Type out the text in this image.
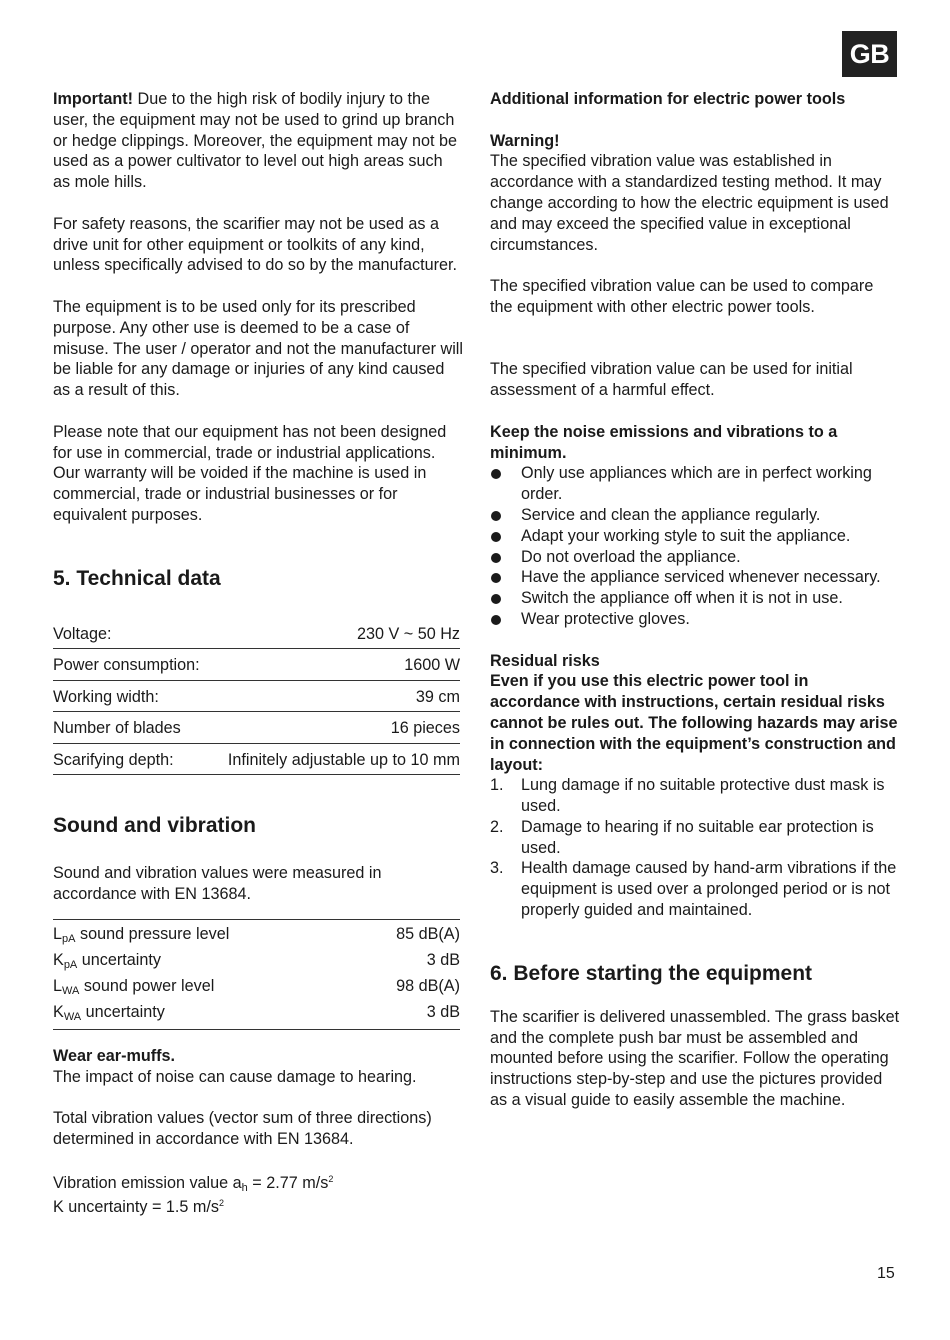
GB

Important! Due to the high risk of bodily injury to the user, the equipment may not be used to grind up branch or hedge clippings. Moreover, the equipment may not be used as a power cultivator to level out high areas such as mole hills.

For safety reasons, the scarifier may not be used as a drive unit for other equipment or toolkits of any kind, unless specifically advised to do so by the manufacturer.

The equipment is to be used only for its prescribed purpose. Any other use is deemed to be a case of misuse. The user / operator and not the manufacturer will be liable for any damage or injuries of any kind caused as a result of this.

Please note that our equipment has not been designed for use in commercial, trade or industrial applications. Our warranty will be voided if the machine is used in commercial, trade or industrial businesses or for equivalent purposes.

5. Technical data
Voltage:	230 V ~ 50 Hz
Power consumption:	1600 W
Working width:	39 cm
Number of blades	16 pieces
Scarifying depth:	Infinitely adjustable up to 10 mm
Sound and vibration

Sound and vibration values were measured in accordance with EN 13684.

$L_{pA}$ sound pressure level	85 dB(A)
$K_{pA}$ uncertainty	3 dB
$L_{WA}$ sound power level	98 dB(A)
$K_{WA}$ uncertainty	3 dB

Wear ear-muffs.

The impact of noise can cause damage to hearing.

Total vibration values (vector sum of three directions) determined in accordance with EN 13684.

Vibration emission value $a_h = 2.77$ $m/s^2$

K uncertainty = 1.5 $m/s^2$

Additional information for electric power tools

Warning!

The specified vibration value was established in accordance with a standardized testing method. It may change according to how the electric equipment is used and may exceed the specified value in exceptional circumstances.

The specified vibration value can be used to compare the equipment with other electric power tools.

The specified vibration value can be used for initial assessment of a harmful effect.

Keep the noise emissions and vibrations to a minimum.

Only use appliances which are in perfect working order.
Service and clean the appliance regularly.
Adapt your working style to suit the appliance.
Do not overload the appliance.
Have the appliance serviced whenever necessary.
Switch the appliance off when it is not in use.
Wear protective gloves.

Residual risks

Even if you use this electric power tool in accordance with instructions, certain residual risks cannot be rules out. The following hazards may arise in connection with the equipment’s construction and layout:

1. Lung damage if no suitable protective dust mask is used.
2. Damage to hearing if no suitable ear protection is used.
3. Health damage caused by hand-arm vibrations if the equipment is used over a prolonged period or is not properly guided and maintained.
6. Before starting the equipment

The scarifier is delivered unassembled. The grass basket and the complete push bar must be assembled and mounted before using the scarifier. Follow the operating instructions step-by-step and use the pictures provided as a visual guide to easily assemble the machine.

15
